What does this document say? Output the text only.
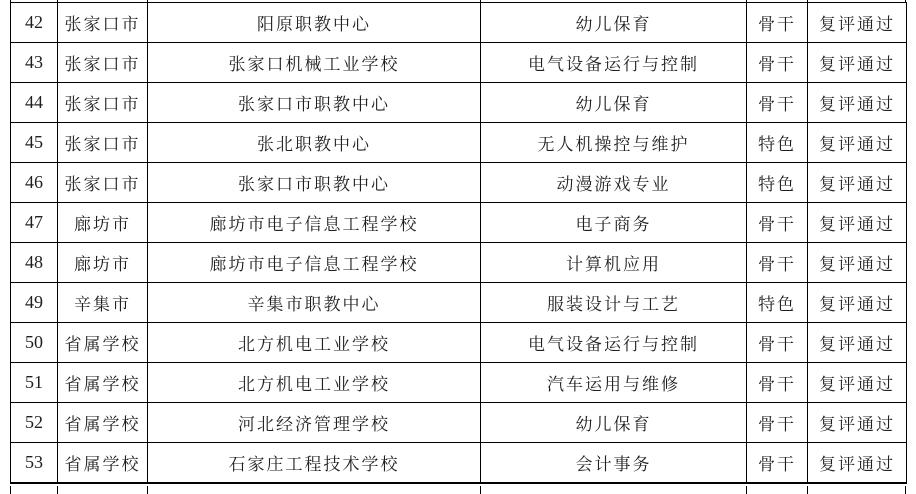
42	张家口市	阳原职教中心	幼儿保育	骨干	复评通过
43	张家口市	张家口机械工业学校	电气设备运行与控制	骨干	复评通过
44	张家口市	张家口市职教中心	幼儿保育	骨干	复评通过
45	张家口市	张北职教中心	无人机操控与维护	特色	复评通过
46	张家口市	张家口市职教中心	动漫游戏专业	特色	复评通过
47	廊坊市	廊坊市电子信息工程学校	电子商务	骨干	复评通过
48	廊坊市	廊坊市电子信息工程学校	计算机应用	骨干	复评通过
49	辛集市	辛集市职教中心	服装设计与工艺	特色	复评通过
50	省属学校	北方机电工业学校	电气设备运行与控制	骨干	复评通过
51	省属学校	北方机电工业学校	汽车运用与维修	骨干	复评通过
52	省属学校	河北经济管理学校	幼儿保育	骨干	复评通过
53	省属学校	石家庄工程技术学校	会计事务	骨干	复评通过
